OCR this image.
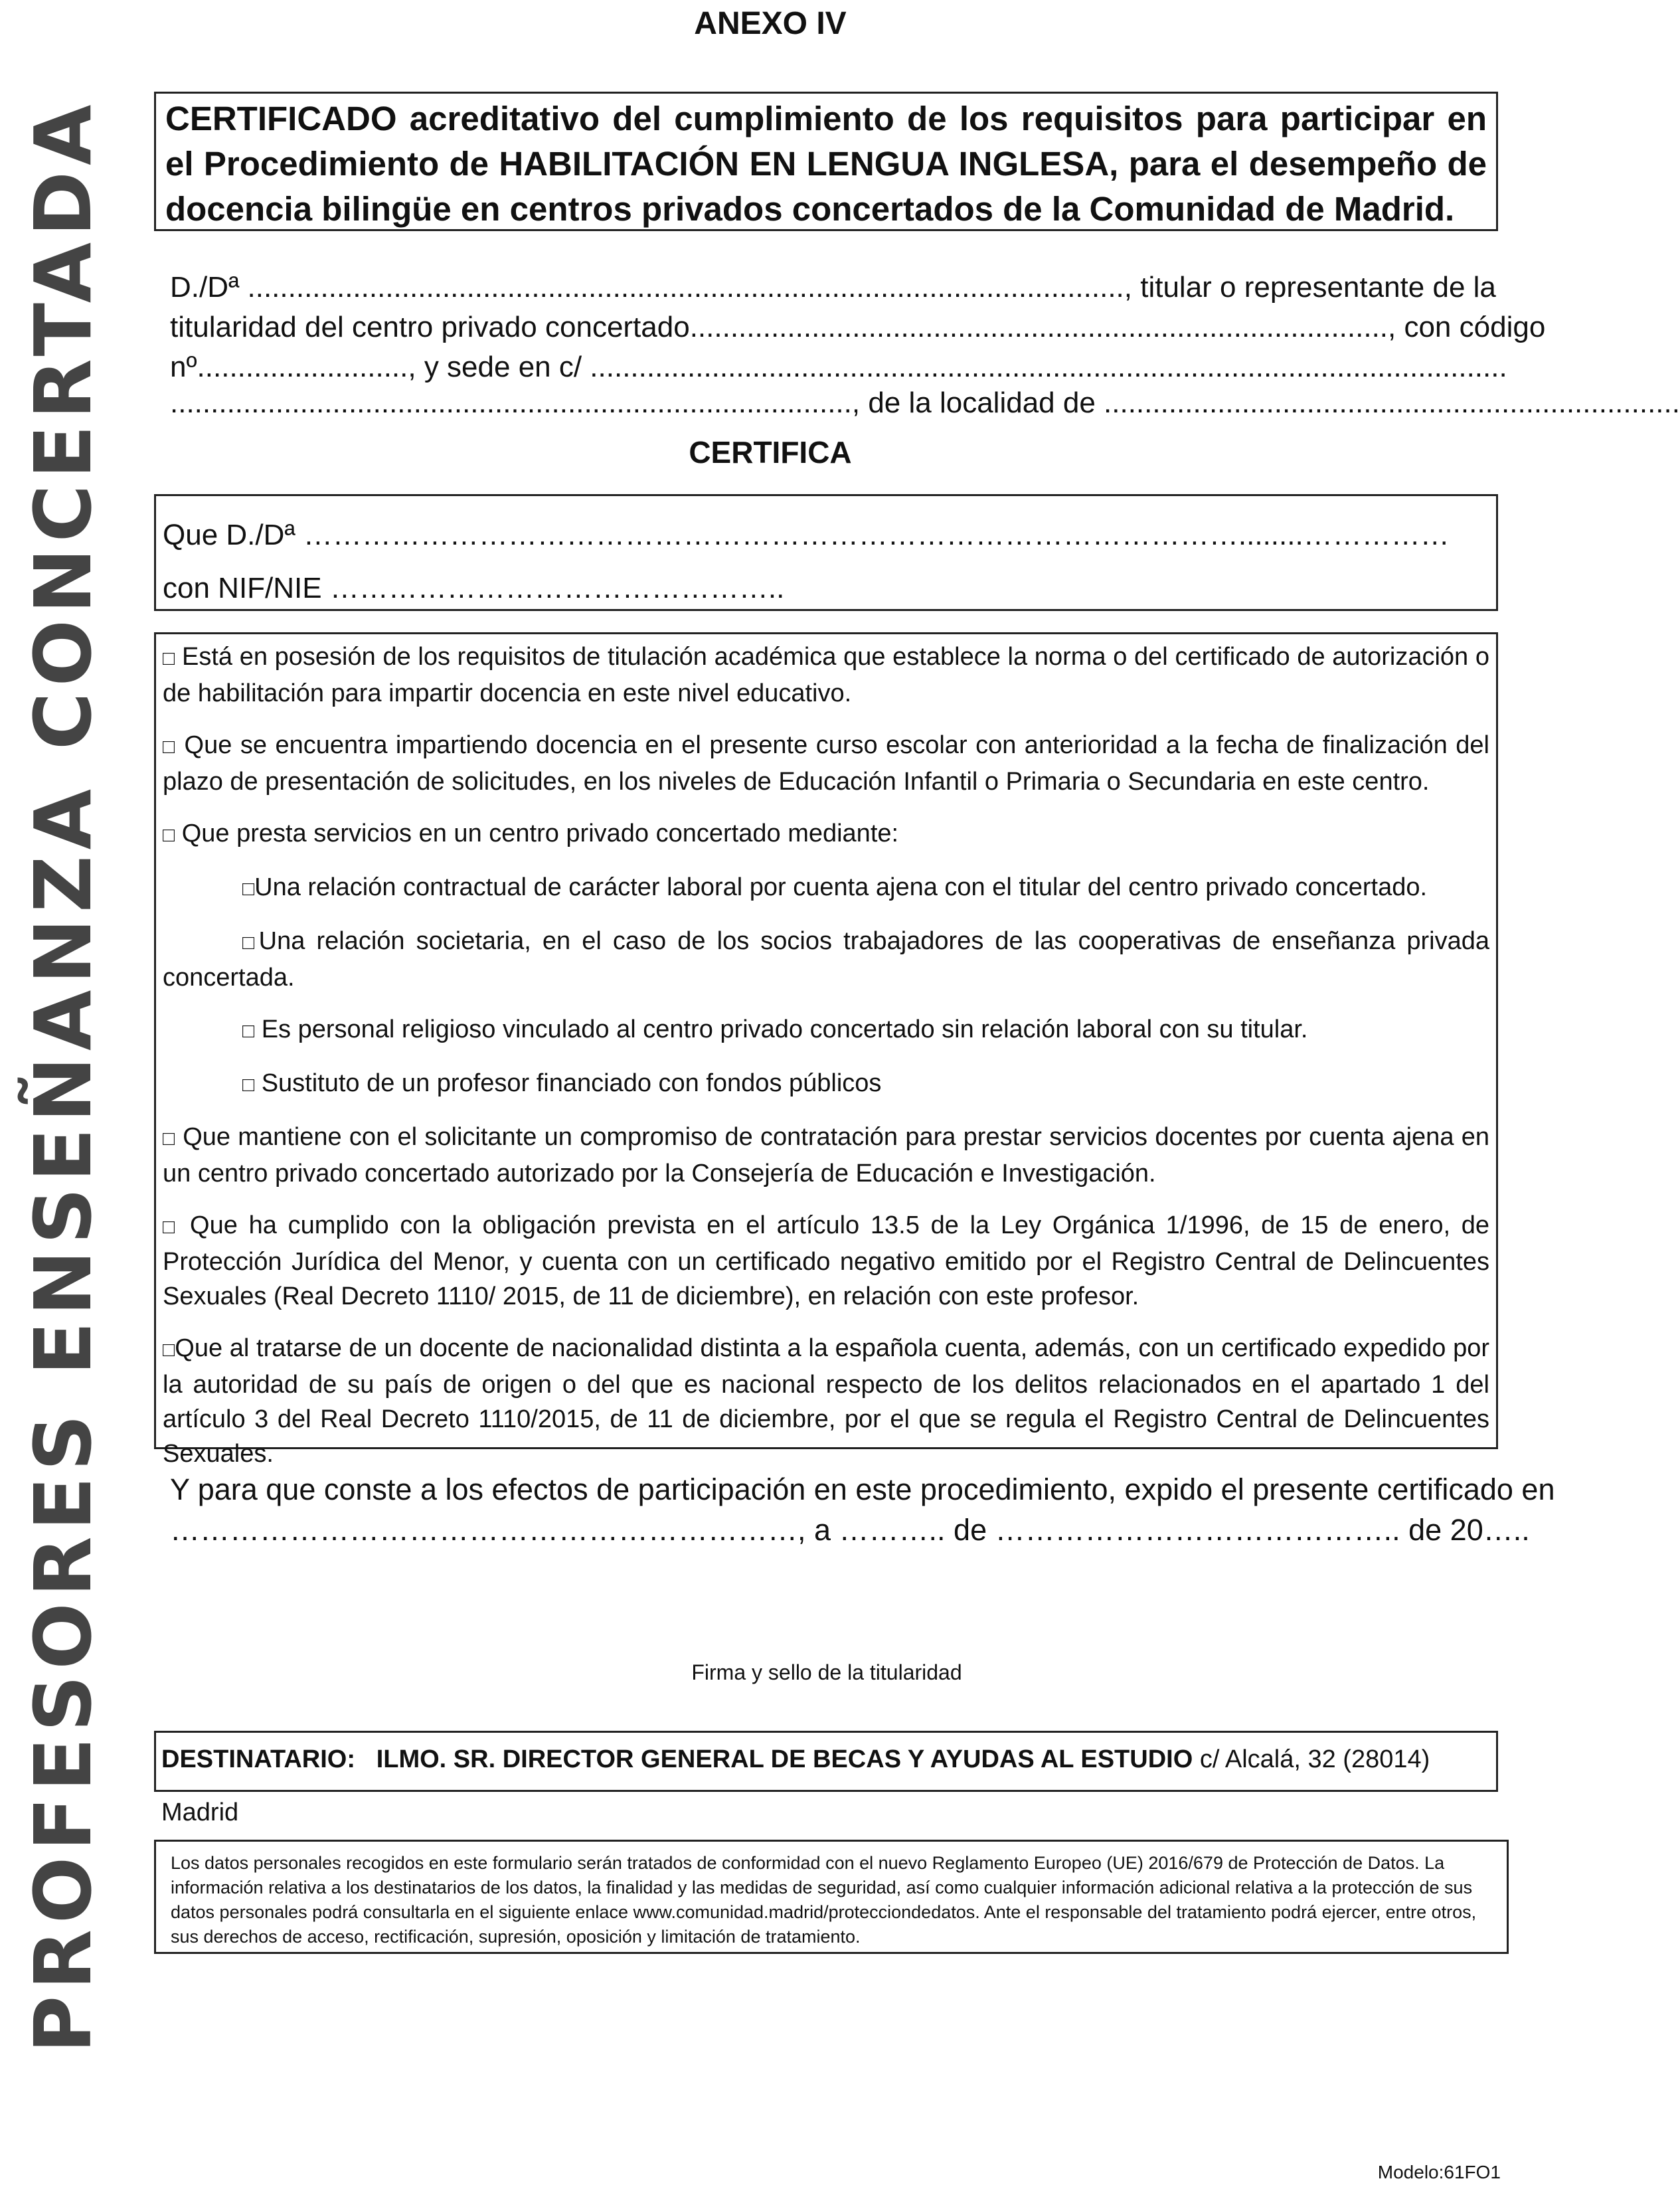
PROFESORES ENSEÑANZA CONCERTADA
ANEXO IV
CERTIFICADO acreditativo del cumplimiento de los requisitos para participar en el Procedimiento de HABILITACIÓN EN LENGUA INGLESA, para el desempeño de docencia bilingüe en centros privados concertados de la Comunidad de Madrid.
D./Dª ............................................................................................................, titular o representante de la
titularidad del centro privado concertado......................................................................................, con código
nº.........................., y sede en c/ .................................................................................................................
...................................................................................., de la localidad de .......................................................................
CERTIFICA
Que D./Dª ……………………………………………………………………………………........……………
con NIF/NIE ………………………………………..

□ Está en posesión de los requisitos de titulación académica que establece la norma o del certificado de autorización o de habilitación para impartir docencia en este nivel educativo.

□ Que se encuentra impartiendo docencia en el presente curso escolar con anterioridad a la fecha de finalización del plazo de presentación de solicitudes, en los niveles de Educación Infantil o Primaria o Secundaria en este centro.

□ Que presta servicios en un centro privado concertado mediante:

□Una relación contractual de carácter laboral por cuenta ajena con el titular del centro privado concertado.

□Una relación societaria, en el caso de los socios trabajadores de las cooperativas de enseñanza privada concertada.

□ Es personal religioso vinculado al centro privado concertado sin relación laboral con su titular.

□ Sustituto de un profesor financiado con fondos públicos

□ Que mantiene con el solicitante un compromiso de contratación para prestar servicios docentes por cuenta ajena en un centro privado concertado autorizado por la Consejería de Educación e Investigación.

□ Que ha cumplido con la obligación prevista en el artículo 13.5 de la Ley Orgánica 1/1996, de 15 de enero, de Protección Jurídica del Menor, y cuenta con un certificado negativo emitido por el Registro Central de Delincuentes Sexuales (Real Decreto 1110/ 2015, de 11 de diciembre), en relación con este profesor.

□Que al tratarse de un docente de nacionalidad distinta a la española cuenta, además, con un certificado expedido por la autoridad de su país de origen o del que es nacional respecto de los delitos relacionados en el apartado 1 del artículo 3 del Real Decreto 1110/2015, de 11 de diciembre, por el que se regula el Registro Central de Delincuentes Sexuales.

Y para que conste a los efectos de participación en este procedimiento, expido el presente certificado en
………………………………………………………, a ……….. de ………………………………….. de 20…..
Firma y sello de la titularidad
DESTINATARIO: ILMO. SR. DIRECTOR GENERAL DE BECAS Y AYUDAS AL ESTUDIO c/ Alcalá, 32 (28014) Madrid
Los datos personales recogidos en este formulario serán tratados de conformidad con el nuevo Reglamento Europeo (UE) 2016/679 de Protección de Datos. La información relativa a los destinatarios de los datos, la finalidad y las medidas de seguridad, así como cualquier información adicional relativa a la protección de sus datos personales podrá consultarla en el siguiente enlace www.comunidad.madrid/protecciondedatos. Ante el responsable del tratamiento podrá ejercer, entre otros, sus derechos de acceso, rectificación, supresión, oposición y limitación de tratamiento.
Modelo:61FO1
